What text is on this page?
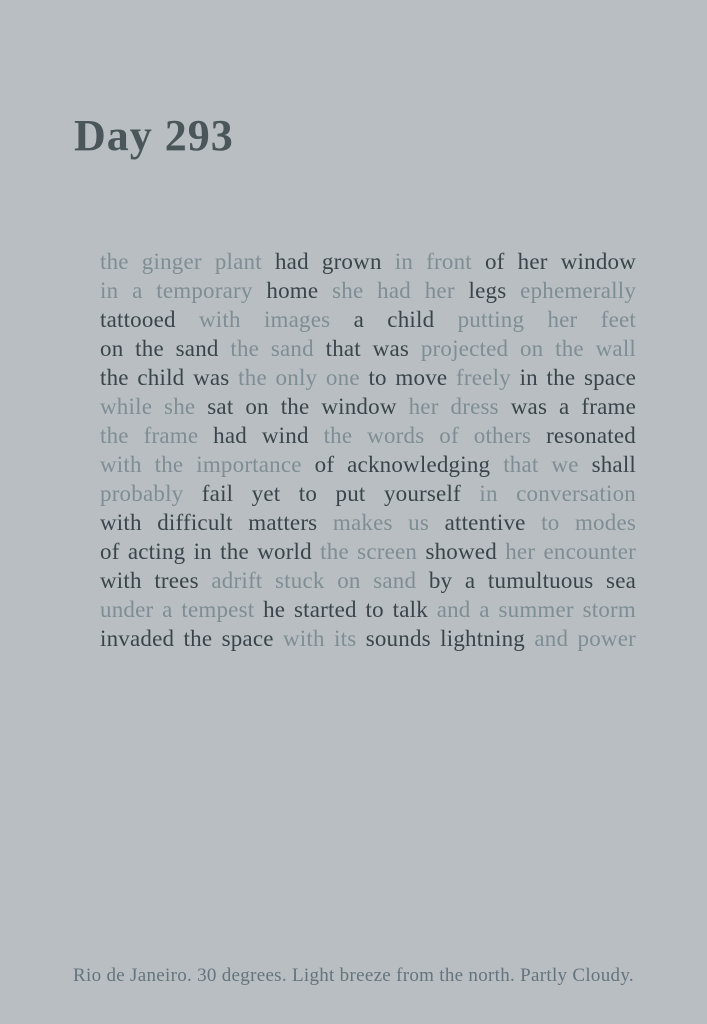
Day 293
the ginger plant had grown in front of her window
in a temporary home she had her legs ephemerally
tattooed with images a child putting her feet
on the sand the sand that was projected on the wall
the child was the only one to move freely in the space
while she sat on the window her dress was a frame
the frame had wind the words of others resonated
with the importance of acknowledging that we shall
probably fail yet to put yourself in conversation
with difficult matters makes us attentive to modes
of acting in the world the screen showed her encounter
with trees adrift stuck on sand by a tumultuous sea
under a tempest he started to talk and a summer storm
invaded the space with its sounds lightning and power
Rio de Janeiro. 30 degrees. Light breeze from the north. Partly Cloudy.
